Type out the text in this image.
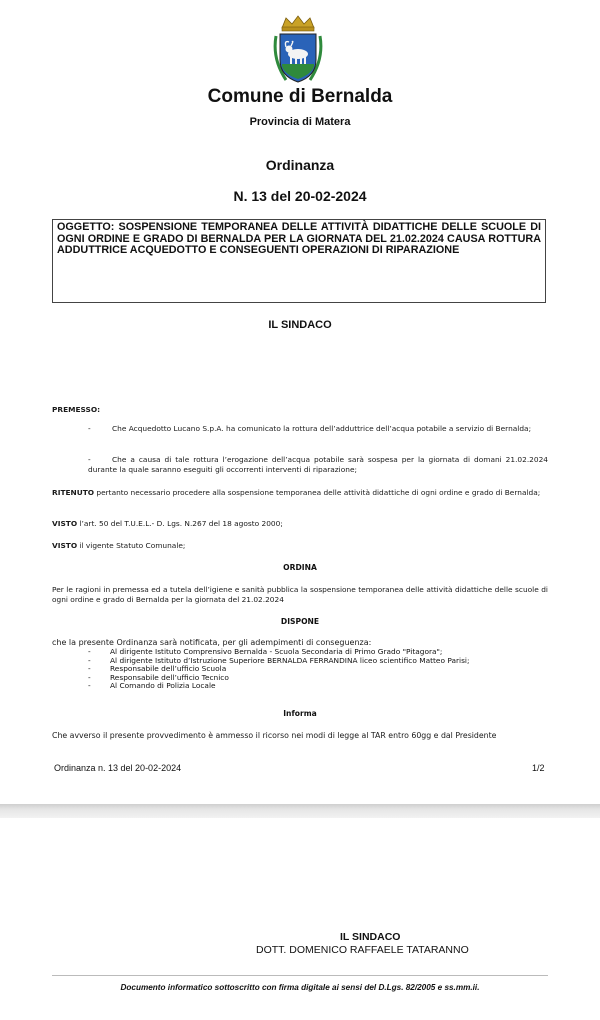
Comune di Bernalda
Provincia di Matera
Ordinanza
N. 13 del 20-02-2024
OGGETTO: SOSPENSIONE TEMPORANEA DELLE ATTIVITÀ DIDATTICHE DELLE SCUOLE DI OGNI ORDINE E GRADO DI BERNALDA PER LA GIORNATA DEL 21.02.2024 CAUSA ROTTURA ADDUTTRICE ACQUEDOTTO E CONSEGUENTI OPERAZIONI DI RIPARAZIONE
IL SINDACO
PREMESSO:
-	Che Acquedotto Lucano S.p.A. ha comunicato la rottura dell’adduttrice dell’acqua potabile a servizio di Bernalda;
-	Che a causa di tale rottura l’erogazione dell’acqua potabile sarà sospesa per la giornata di domani 21.02.2024 durante la quale saranno eseguiti gli occorrenti interventi di riparazione;
RITENUTO pertanto necessario procedere alla sospensione temporanea delle attività didattiche di ogni ordine e grado di Bernalda;
VISTO l’art. 50 del T.U.E.L.- D. Lgs. N.267 del 18 agosto 2000;
VISTO il vigente Statuto Comunale;
ORDINA
Per le ragioni in premessa ed a tutela dell’igiene e sanità pubblica la sospensione temporanea delle attività didattiche delle scuole di ogni ordine e grado di Bernalda per la giornata del 21.02.2024
DISPONE
che la presente Ordinanza sarà notificata, per gli adempimenti di conseguenza:
-	Al dirigente Istituto Comprensivo Bernalda - Scuola Secondaria di Primo Grado "Pitagora";
-	Al dirigente Istituto d’Istruzione Superiore BERNALDA FERRANDINA liceo scientifico Matteo Parisi;
-	Responsabile dell’ufficio Scuola
-	Responsabile dell’ufficio Tecnico
-	Al Comando di Polizia Locale
Informa
Che avverso il presente provvedimento è ammesso il ricorso nei modi di legge al TAR entro 60gg e dal Presidente
Ordinanza n. 13 del 20-02-2024	1/2
IL SINDACO
DOTT. DOMENICO RAFFAELE TATARANNO
Documento informatico sottoscritto con firma digitale ai sensi del D.Lgs. 82/2005 e ss.mm.ii.
